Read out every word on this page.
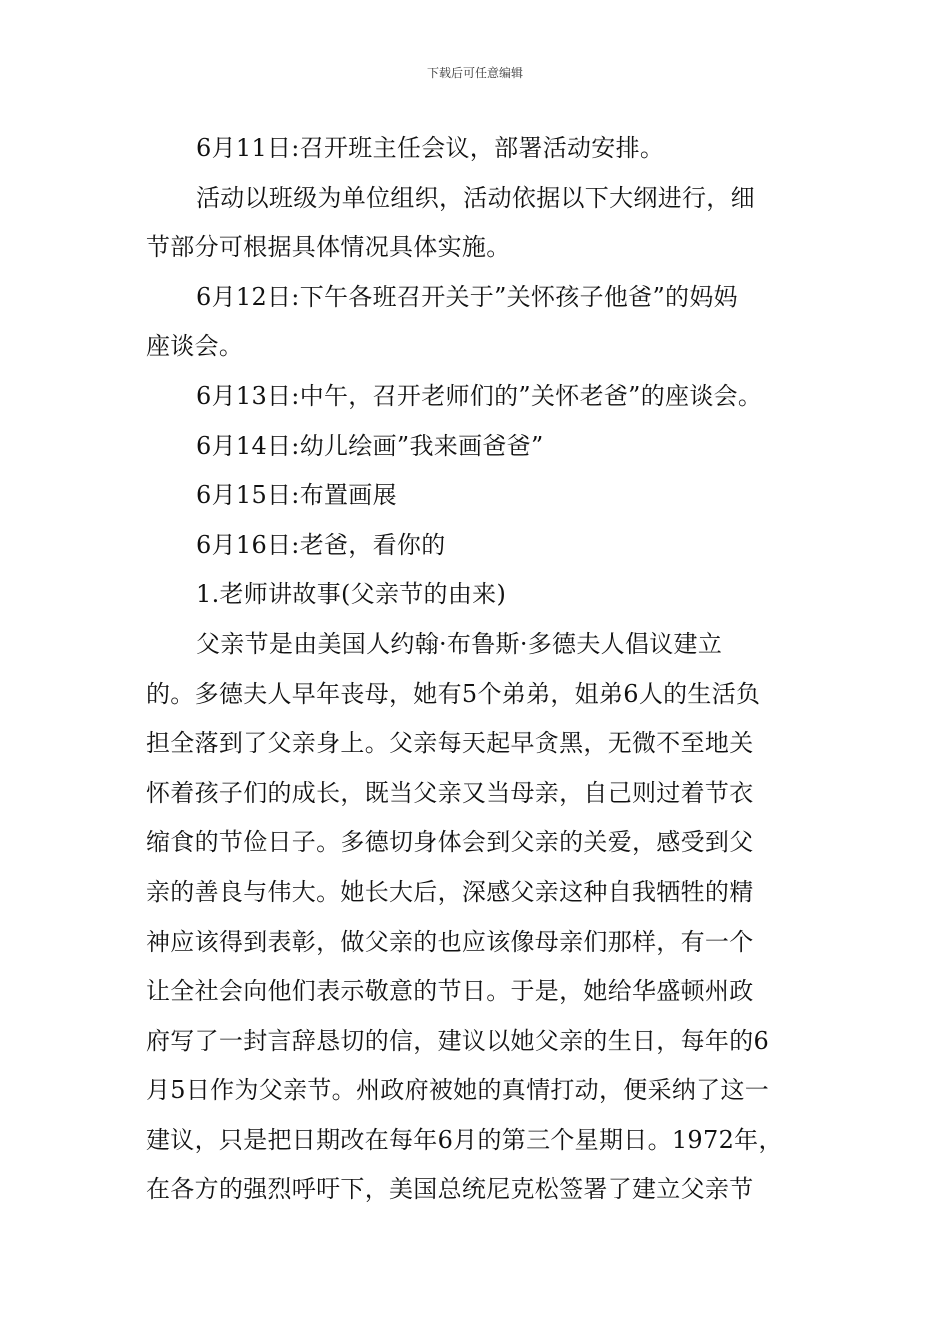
下载后可任意编辑
6月11日:召开班主任会议，部署活动安排。
活动以班级为单位组织，活动依据以下大纲进行，细
节部分可根据具体情况具体实施。
6月12日:下午各班召开关于”关怀孩子他爸”的妈妈
座谈会。
6月13日:中午，召开老师们的”关怀老爸”的座谈会。
6月14日:幼儿绘画”我来画爸爸”
6月15日:布置画展
6月16日:老爸，看你的
1.老师讲故事(父亲节的由来)
父亲节是由美国人约翰·布鲁斯·多德夫人倡议建立
的。多德夫人早年丧母，她有5个弟弟，姐弟6人的生活负
担全落到了父亲身上。父亲每天起早贪黑，无微不至地关
怀着孩子们的成长，既当父亲又当母亲，自己则过着节衣
缩食的节俭日子。多德切身体会到父亲的关爱，感受到父
亲的善良与伟大。她长大后，深感父亲这种自我牺牲的精
神应该得到表彰，做父亲的也应该像母亲们那样，有一个
让全社会向他们表示敬意的节日。于是，她给华盛顿州政
府写了一封言辞恳切的信，建议以她父亲的生日，每年的6
月5日作为父亲节。州政府被她的真情打动，便采纳了这一
建议，只是把日期改在每年6月的第三个星期日。1972年，
在各方的强烈呼吁下，美国总统尼克松签署了建立父亲节
